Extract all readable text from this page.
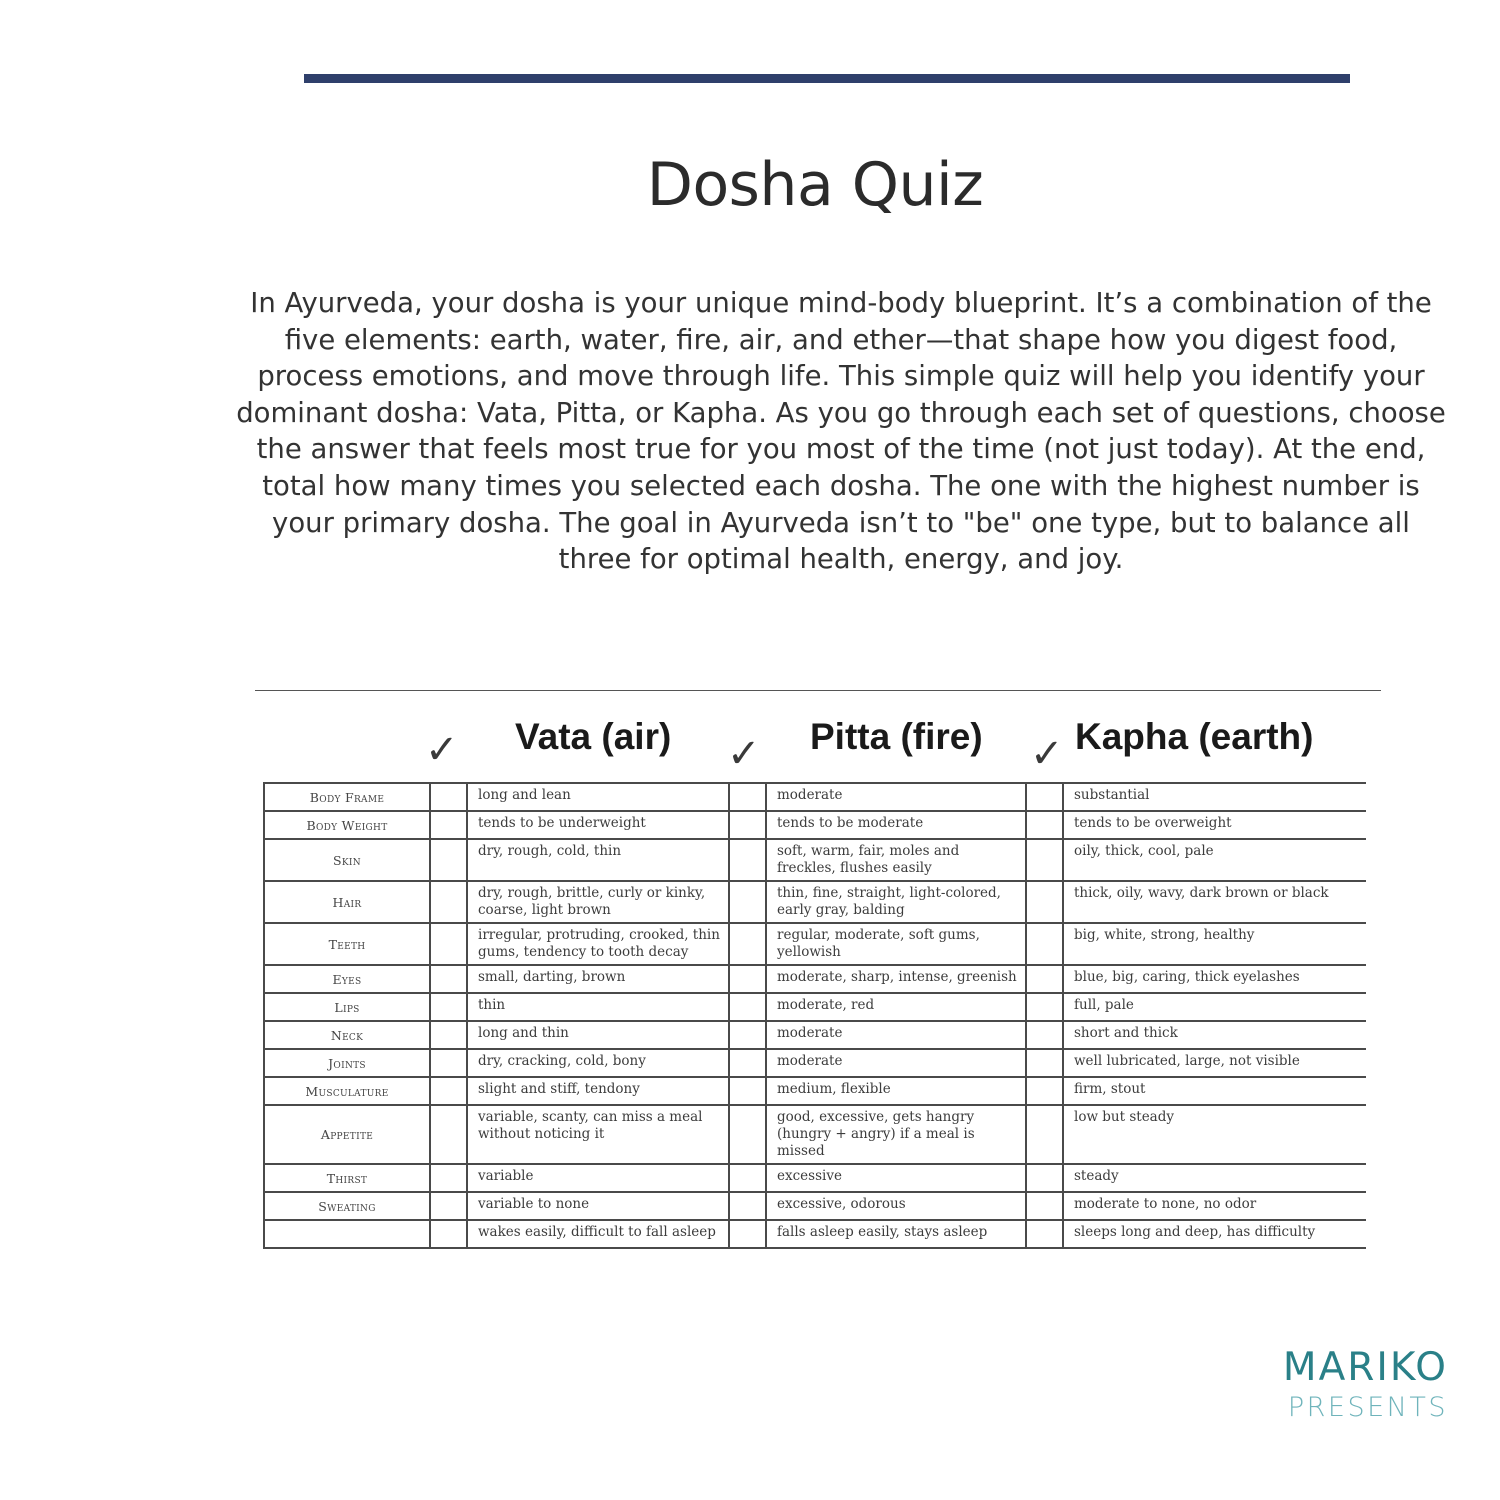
Dosha Quiz
In Ayurveda, your dosha is your unique mind-body blueprint. It’s a combination of the five elements: earth, water, fire, air, and ether—that shape how you digest food, process emotions, and move through life. This simple quiz will help you identify your dominant dosha: Vata, Pitta, or Kapha. As you go through each set of questions, choose the answer that feels most true for you most of the time (not just today). At the end, total how many times you selected each dosha. The one with the highest number is your primary dosha. The goal in Ayurveda isn’t to "be" one type, but to balance all three for optimal health, energy, and joy.
✓ Vata (air) ✓ Pitta (fire) ✓ Kapha (earth)
Body Frame		long and lean		moderate		substantial
Body Weight		tends to be underweight		tends to be moderate		tends to be overweight
Skin		dry, rough, cold, thin		soft, warm, fair, moles and freckles, flushes easily		oily, thick, cool, pale
Hair		dry, rough, brittle, curly or kinky, coarse, light brown		thin, fine, straight, light-colored, early gray, balding		thick, oily, wavy, dark brown or black
Teeth		irregular, protruding, crooked, thin gums, tendency to tooth decay		regular, moderate, soft gums, yellowish		big, white, strong, healthy
Eyes		small, darting, brown		moderate, sharp, intense, greenish		blue, big, caring, thick eyelashes
Lips		thin		moderate, red		full, pale
Neck		long and thin		moderate		short and thick
Joints		dry, cracking, cold, bony		moderate		well lubricated, large, not visible
Musculature		slight and stiff, tendony		medium, flexible		firm, stout
Appetite		variable, scanty, can miss a meal without noticing it		good, excessive, gets hangry (hungry + angry) if a meal is missed		low but steady
Thirst		variable		excessive		steady
Sweating		variable to none		excessive, odorous		moderate to none, no odor
		wakes easily, difficult to fall asleep		falls asleep easily, stays asleep		sleeps long and deep, has difficulty
MARIKO
PRESENTS
